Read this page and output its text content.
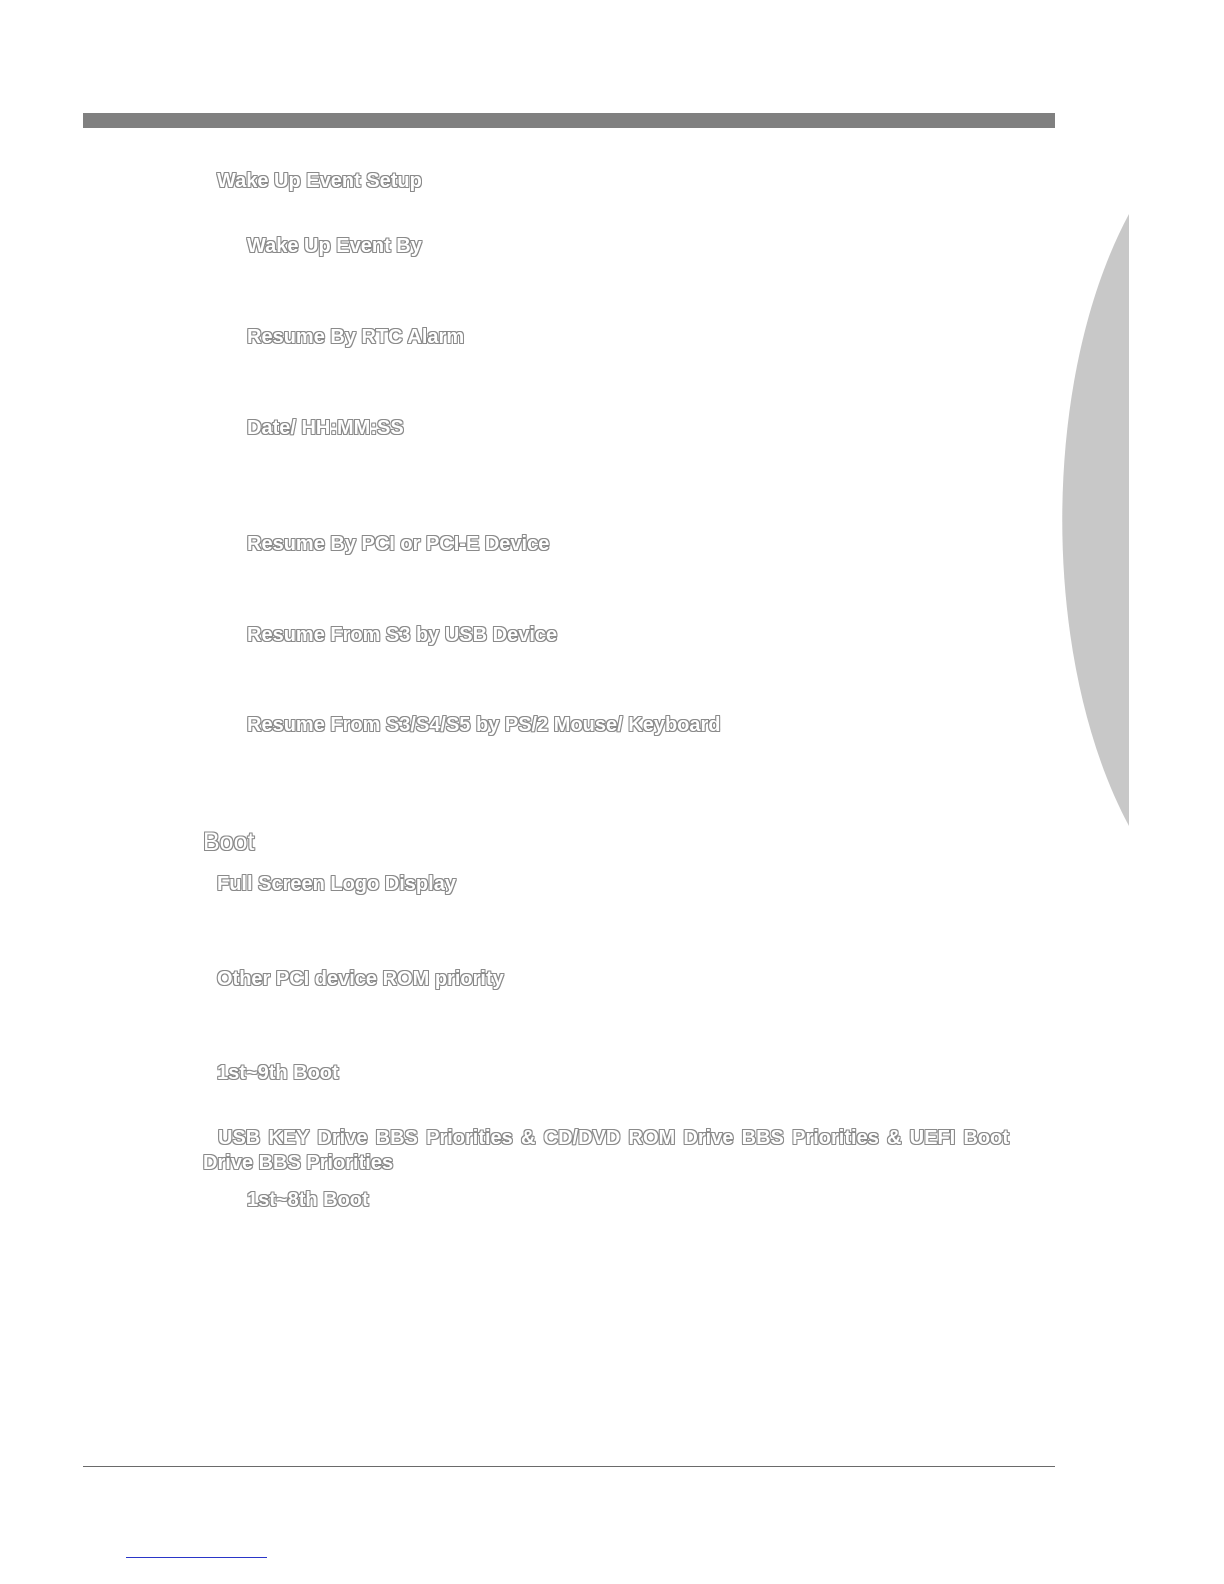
Wake Up Event Setup
Wake Up Event By
Resume By RTC Alarm
Date/ HH:MM:SS
Resume By PCI or PCI-E Device
Resume From S3 by USB Device
Resume From S3/S4/S5 by PS/2 Mouse/ Keyboard
Boot
Full Screen Logo Display
Other PCI device ROM priority
1st~9th Boot
USB KEY Drive BBS Priorities & CD/DVD ROM Drive BBS Priorities & UEFI Boot Drive BBS Priorities
1st~8th Boot
